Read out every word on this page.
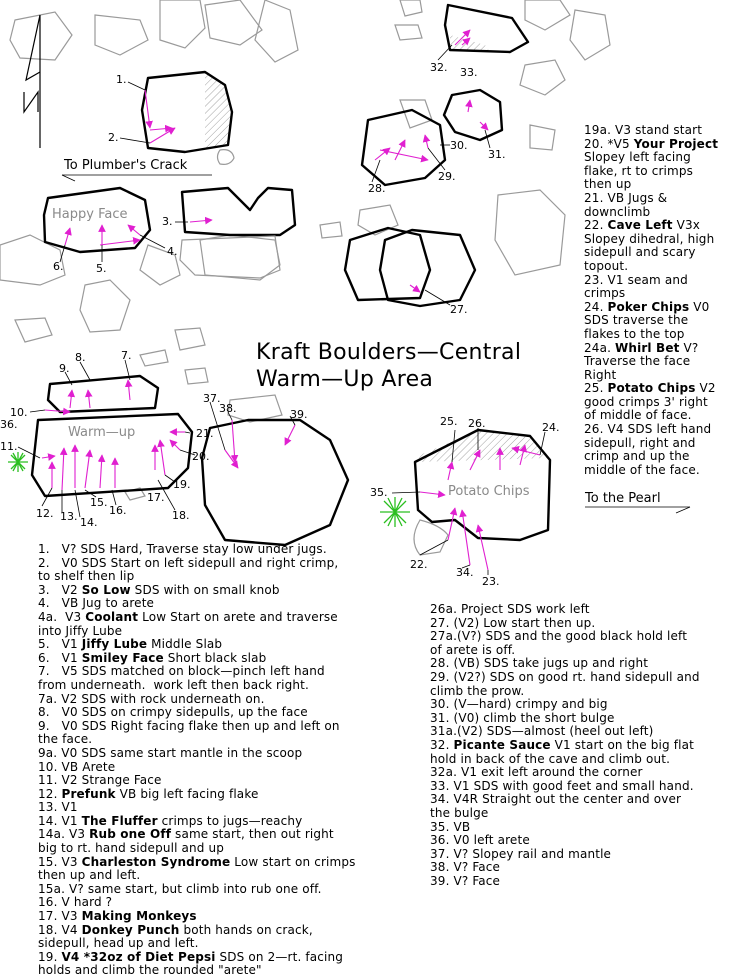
1.
2.
3.
4.
5.
6.
7.
8.
9.
10.
11.
12. 13. 14.
15.
16.
17.
18.
19.
20.
21.
22.
23.
24.
25. 26.
27.
28.
29.
30.
31.
32. 33.
34.
35.
36.
37.
38.	39.
Happy Face
Warm—up
Potato Chips
To Plumber's Crack
To the Pearl
Kraft Boulders—Central
Warm—Up Area
19a. V3 stand start
20. *V5 Your Project
Slopey left facing
flake, rt to crimps
then up
21. VB Jugs &
downclimb
22. Cave Left V3x
Slopey dihedral, high
sidepull and scary
topout.
23. V1 seam and
crimps
24. Poker Chips V0
SDS traverse the
flakes to the top
24a. Whirl Bet V?
Traverse the face
Right
25. Potato Chips V2
good crimps 3' right
of middle of face.
26. V4 SDS left hand
sidepull, right and
crimp and up the
middle of the face.
1.   V? SDS Hard, Traverse stay low under jugs.
2.   V0 SDS Start on left sidepull and right crimp,
to shelf then lip
3.   V2 So Low SDS with on small knob
4.   VB Jug to arete
4a.  V3 Coolant Low Start on arete and traverse
into Jiffy Lube
5.   V1 Jiffy Lube Middle Slab
6.   V1 Smiley Face Short black slab
7.   V5 SDS matched on block—pinch left hand
from underneath.  work left then back right.
7a. V2 SDS with rock underneath on.
8.   V0 SDS on crimpy sidepulls, up the face
9.   V0 SDS Right facing flake then up and left on
the face.
9a. V0 SDS same start mantle in the scoop
10. VB Arete
11. V2 Strange Face
12. Prefunk VB big left facing flake
13. V1
14. V1 The Fluffer crimps to jugs—reachy
14a. V3 Rub one Off same start, then out right
big to rt. hand sidepull and up
15. V3 Charleston Syndrome Low start on crimps
then up and left.
15a. V? same start, but climb into rub one off.
16. V hard ?
17. V3 Making Monkeys
18. V4 Donkey Punch both hands on crack,
sidepull, head up and left.
19. V4 *32oz of Diet Pepsi SDS on 2—rt. facing
holds and climb the rounded "arete"
26a. Project SDS work left
27. (V2) Low start then up.
27a.(V?) SDS and the good black hold left
of arete is off.
28. (VB) SDS take jugs up and right
29. (V2?) SDS on good rt. hand sidepull and
climb the prow.
30. (V—hard) crimpy and big
31. (V0) climb the short bulge
31a.(V2) SDS—almost (heel out left)
32. Picante Sauce V1 start on the big flat
hold in back of the cave and climb out.
32a. V1 exit left around the corner
33. V1 SDS with good feet and small hand.
34. V4R Straight out the center and over
the bulge
35. VB
36. V0 left arete
37. V? Slopey rail and mantle
38. V? Face
39. V? Face
